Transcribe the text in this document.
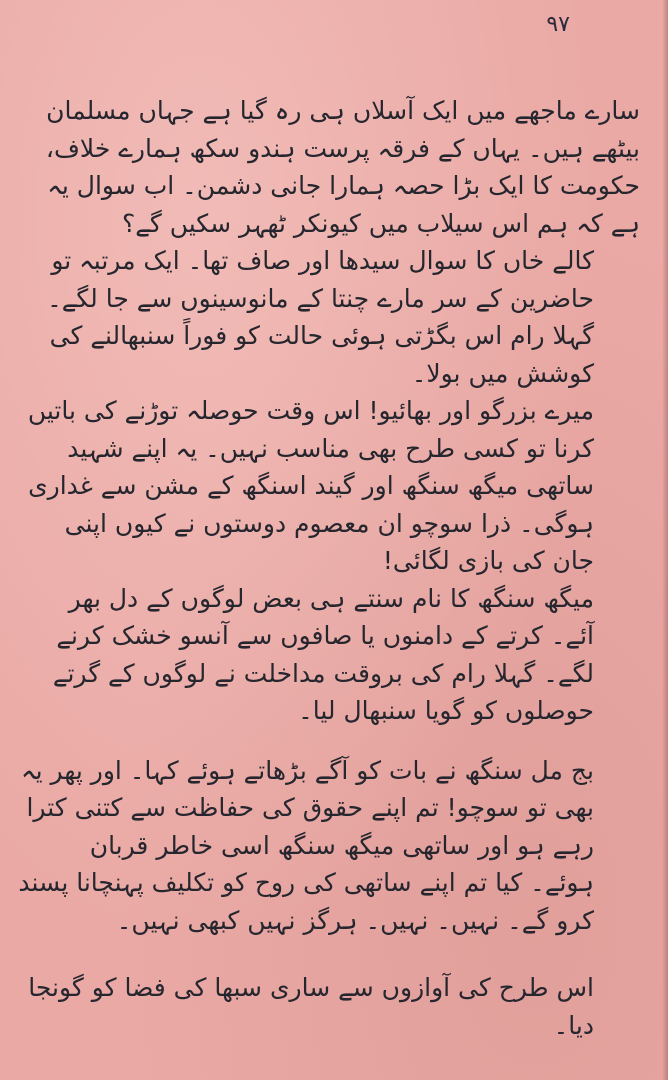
۹۷

سارے ماجھے میں ایک آسلاں ہی رہ گیا ہے جہاں مسلمان بیٹھے ہیں۔ یہاں کے فرقہ پرست ہندو سکھ ہمارے خلاف، حکومت کا ایک بڑا حصہ ہمارا جانی دشمن۔ اب سوال یہ ہے کہ ہم اس سیلاب میں کیونکر ٹھہر سکیں گے؟

کالے خاں کا سوال سیدھا اور صاف تھا۔ ایک مرتبہ تو حاضرین کے سر مارے چنتا کے مانوسینوں سے جا لگے۔ گہلا رام اس بگڑتی ہوئی حالت کو فوراً سنبھالنے کی کوشش میں بولا۔

میرے بزرگو اور بھائیو! اس وقت حوصلہ توڑنے کی باتیں کرنا تو کسی طرح بھی مناسب نہیں۔ یہ اپنے شہید ساتھی میگھ سنگھ اور گیند اسنگھ کے مشن سے غداری ہوگی۔ ذرا سوچو ان معصوم دوستوں نے کیوں اپنی جان کی بازی لگائی!

میگھ سنگھ کا نام سنتے ہی بعض لوگوں کے دل بھر آئے۔ کرتے کے دامنوں یا صافوں سے آنسو خشک کرنے لگے۔ گہلا رام کی بروقت مداخلت نے لوگوں کے گرتے حوصلوں کو گویا سنبھال لیا۔

بج مل سنگھ نے بات کو آگے بڑھاتے ہوئے کہا۔ اور پھر یہ بھی تو سوچو! تم اپنے حقوق کی حفاظت سے کتنی کترا رہے ہو اور ساتھی میگھ سنگھ اسی خاطر قربان ہوئے۔ کیا تم اپنے ساتھی کی روح کو تکلیف پہنچانا پسند کرو گے۔ نہیں۔ نہیں۔ ہرگز نہیں کبھی نہیں۔

اس طرح کی آوازوں سے ساری سبھا کی فضا کو گونجا دیا۔
